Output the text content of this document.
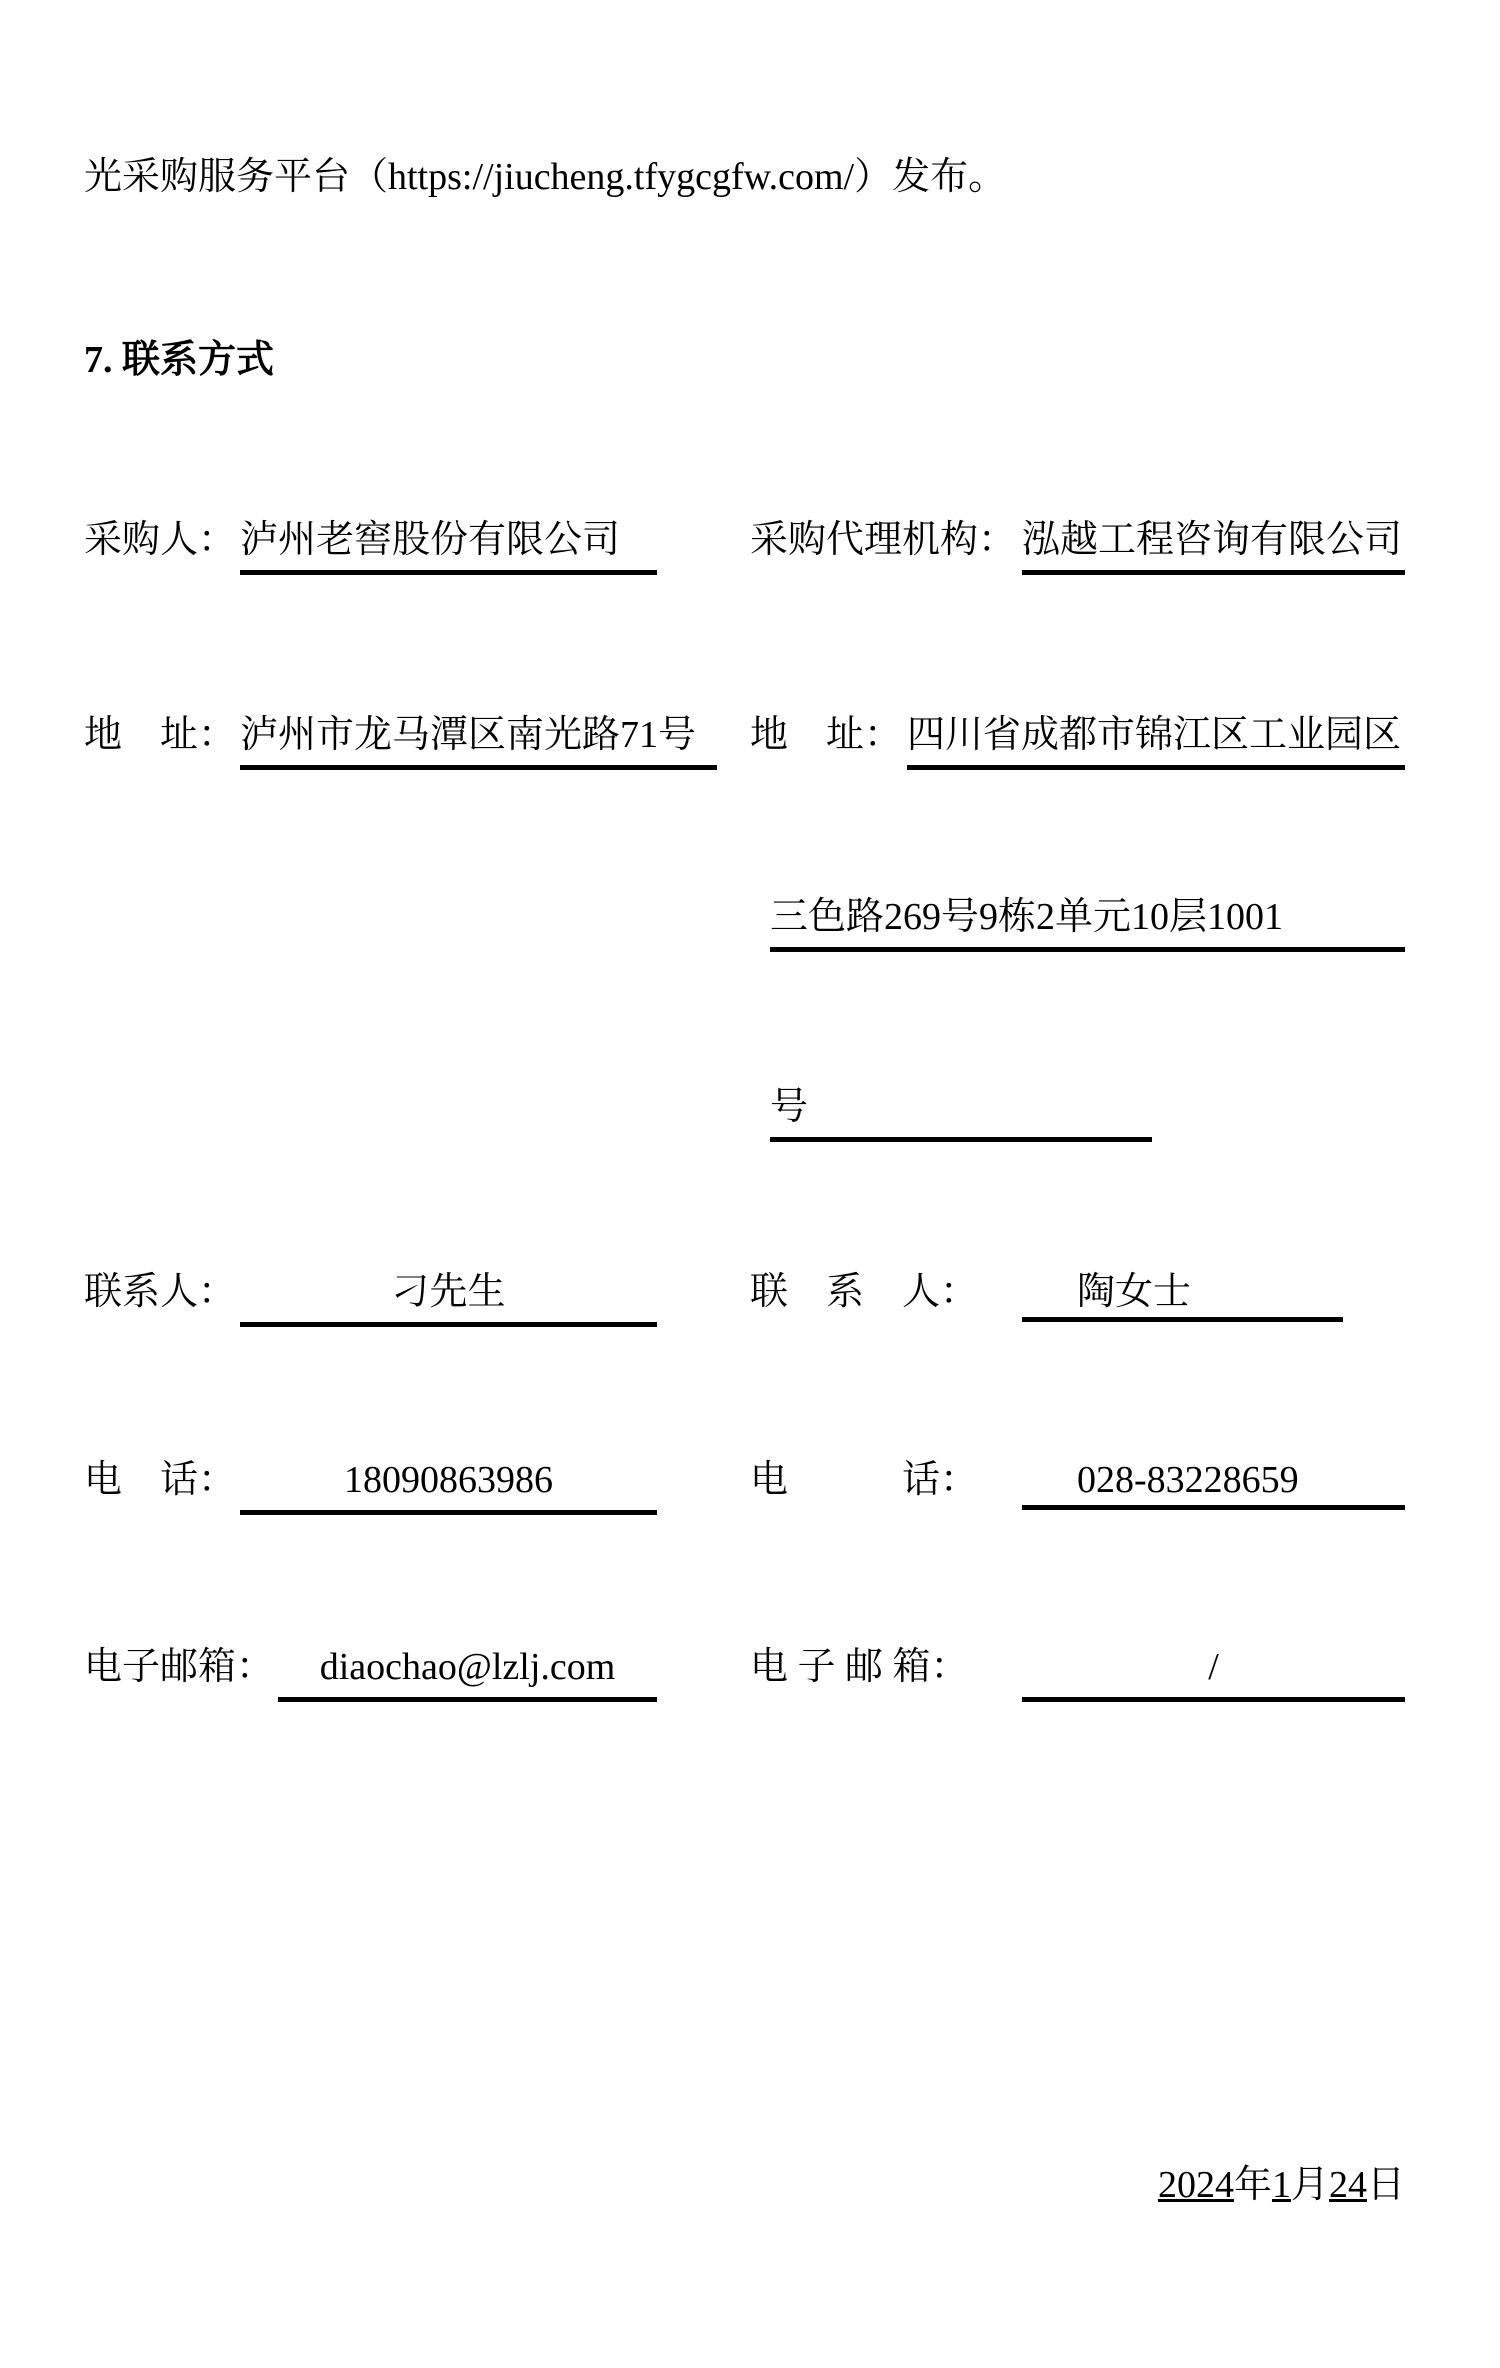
光采购服务平台（https://jiucheng.tfygcgfw.com/）发布。
7. 联系方式
采购人： 泸州老窖股份有限公司	采购代理机构： 泓越工程咨询有限公司
地　址： 泸州市龙马潭区南光路71号	地　址： 四川省成都市锦江区工业园区
三色路269号9栋2单元10层1001
号
联系人：	刁先生	联　系　人：	陶女士
电　话：	18090863986	电　　　话：	028-83228659
电子邮箱：	diaochao@lzlj.com	电 子 邮 箱：	/
2024年1月24日
